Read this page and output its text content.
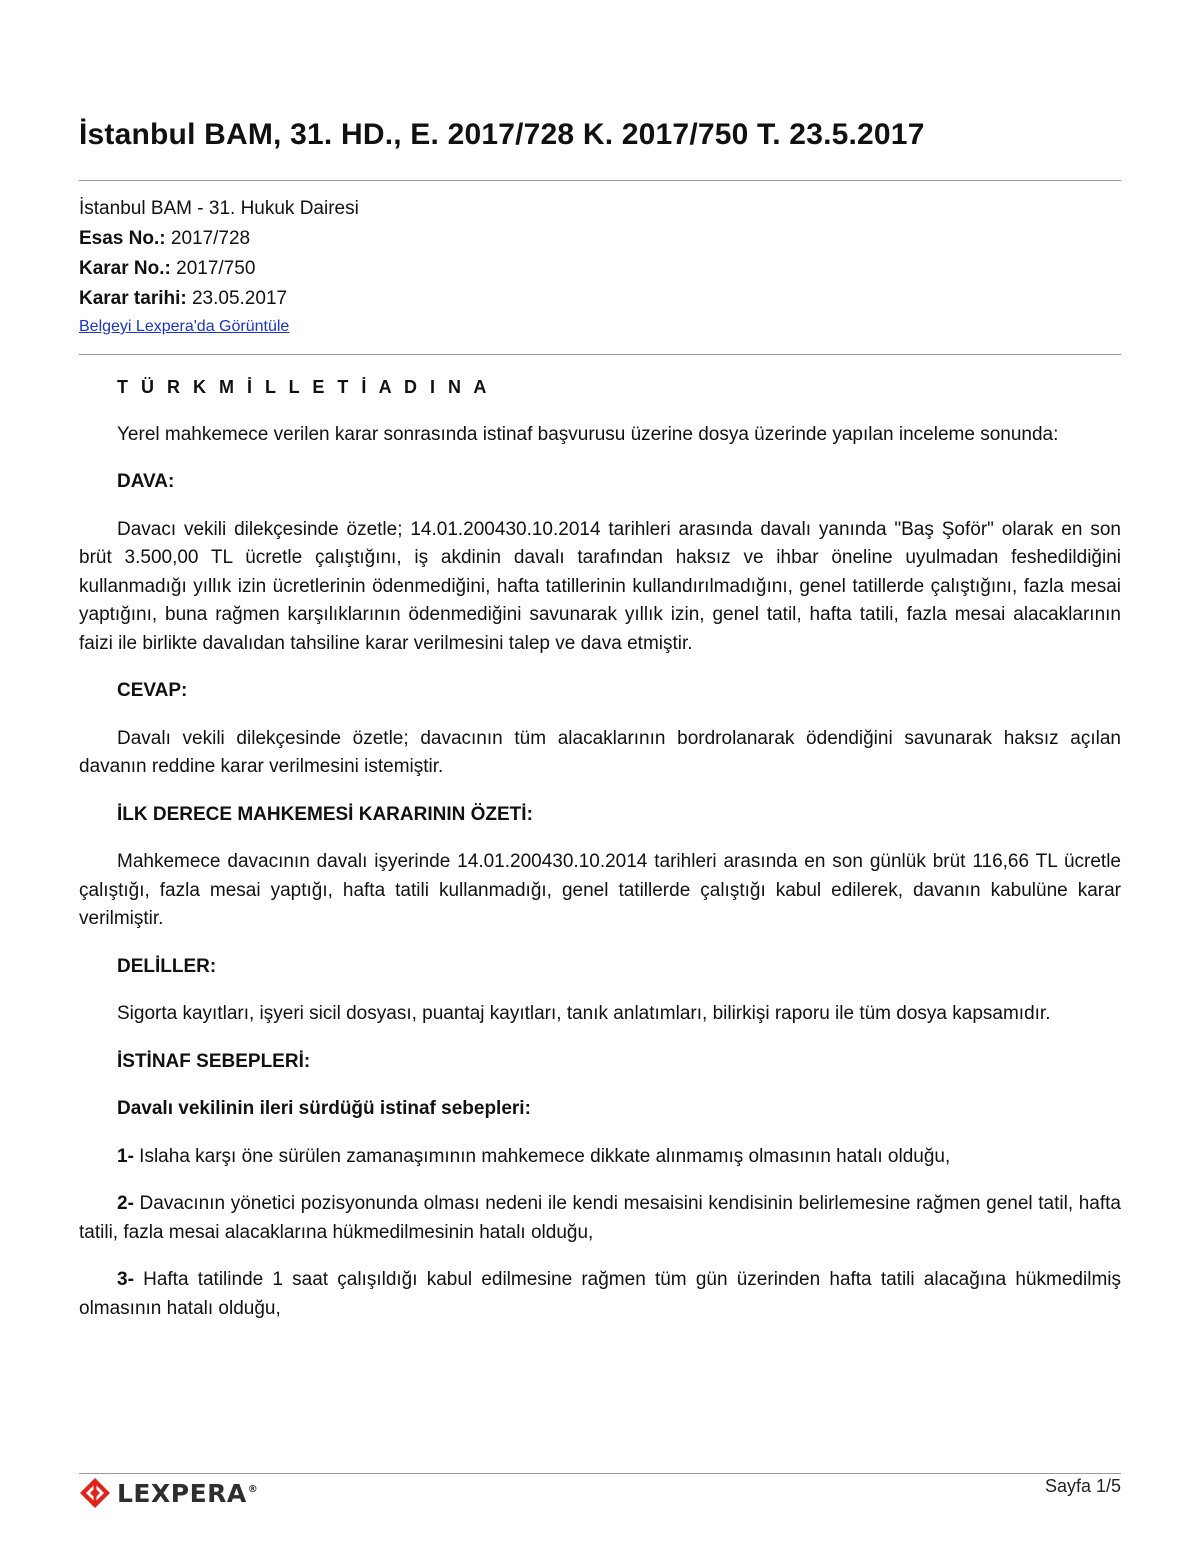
İstanbul BAM, 31. HD., E. 2017/728 K. 2017/750 T. 23.5.2017
İstanbul BAM - 31. Hukuk Dairesi
Esas No.: 2017/728
Karar No.: 2017/750
Karar tarihi: 23.05.2017
Belgeyi Lexpera'da Görüntüle

T Ü R K M İ L L E T İ A D I N A

Yerel mahkemece verilen karar sonrasında istinaf başvurusu üzerine dosya üzerinde yapılan inceleme sonunda:

DAVA:

Davacı vekili dilekçesinde özetle; 14.01.200430.10.2014 tarihleri arasında davalı yanında "Baş Şoför" olarak en son brüt 3.500,00 TL ücretle çalıştığını, iş akdinin davalı tarafından haksız ve ihbar öneline uyulmadan feshedildiğini kullanmadığı yıllık izin ücretlerinin ödenmediğini, hafta tatillerinin kullandırılmadığını, genel tatillerde çalıştığını, fazla mesai yaptığını, buna rağmen karşılıklarının ödenmediğini savunarak yıllık izin, genel tatil, hafta tatili, fazla mesai alacaklarının faizi ile birlikte davalıdan tahsiline karar verilmesini talep ve dava etmiştir.

CEVAP:

Davalı vekili dilekçesinde özetle; davacının tüm alacaklarının bordrolanarak ödendiğini savunarak haksız açılan davanın reddine karar verilmesini istemiştir.

İLK DERECE MAHKEMESİ KARARININ ÖZETİ:

Mahkemece davacının davalı işyerinde 14.01.200430.10.2014 tarihleri arasında en son günlük brüt 116,66 TL ücretle çalıştığı, fazla mesai yaptığı, hafta tatili kullanmadığı, genel tatillerde çalıştığı kabul edilerek, davanın kabulüne karar verilmiştir.

DELİLLER:

Sigorta kayıtları, işyeri sicil dosyası, puantaj kayıtları, tanık anlatımları, bilirkişi raporu ile tüm dosya kapsamıdır.

İSTİNAF SEBEPLERİ:

Davalı vekilinin ileri sürdüğü istinaf sebepleri:

1- Islaha karşı öne sürülen zamanaşımının mahkemece dikkate alınmamış olmasının hatalı olduğu,

2- Davacının yönetici pozisyonunda olması nedeni ile kendi mesaisini kendisinin belirlemesine rağmen genel tatil, hafta tatili, fazla mesai alacaklarına hükmedilmesinin hatalı olduğu,

3- Hafta tatilinde 1 saat çalışıldığı kabul edilmesine rağmen tüm gün üzerinden hafta tatili alacağına hükmedilmiş olmasının hatalı olduğu,

LEXPERA®	Sayfa 1/5
